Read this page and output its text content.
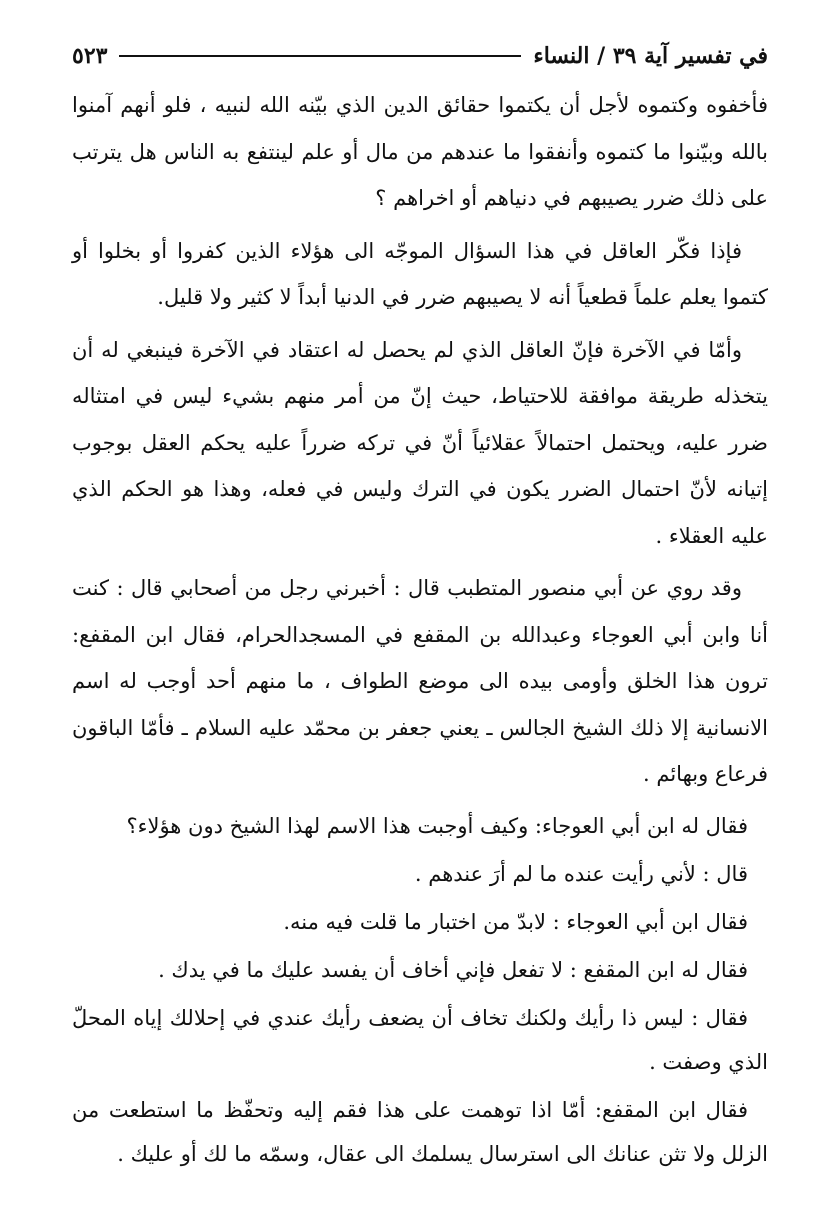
في تفسير آية ٣٩ / النساء
٥٢٣

فأخفوه وكتموه لأجل أن يكتموا حقائق الدين الذي بيّنه الله لنبيه ، فلو أنهم آمنوا بالله وبيّنوا ما كتموه وأنفقوا ما عندهم من مال أو علم لينتفع به الناس هل يترتب على ذلك ضرر يصيبهم في دنياهم أو اخراهم ؟

فإذا فكّر العاقل في هذا السؤال الموجّه الى هؤلاء الذين كفروا أو بخلوا أو كتموا يعلم علماً قطعياً أنه لا يصيبهم ضرر في الدنيا أبداً لا كثير ولا قليل.

وأمّا في الآخرة فإنّ العاقل الذي لم يحصل له اعتقاد في الآخرة فينبغي له أن يتخذله طريقة موافقة للاحتياط، حيث إنّ من أمر منهم بشيء ليس في امتثاله ضرر عليه، ويحتمل احتمالاً عقلائياً أنّ في تركه ضرراً عليه يحكم العقل بوجوب إتيانه لأنّ احتمال الضرر يكون في الترك وليس في فعله، وهذا هو الحكم الذي عليه العقلاء .

وقد روي عن أبي منصور المتطبب قال : أخبرني رجل من أصحابي قال : كنت أنا وابن أبي العوجاء وعبدالله بن المقفع في المسجدالحرام، فقال ابن المقفع: ترون هذا الخلق وأومى بيده الى موضع الطواف ، ما منهم أحد أوجب له اسم الانسانية إلا ذلك الشيخ الجالس ـ يعني جعفر بن محمّد عليه السلام ـ فأمّا الباقون فرعاع وبهائم .

فقال له ابن أبي العوجاء: وكيف أوجبت هذا الاسم لهذا الشيخ دون هؤلاء؟

قال : لأني رأيت عنده ما لم أرَ عندهم .

فقال ابن أبي العوجاء : لابدّ من اختبار ما قلت فيه منه.

فقال له ابن المقفع : لا تفعل فإني أخاف أن يفسد عليك ما في يدك .

فقال : ليس ذا رأيك ولكنك تخاف أن يضعف رأيك عندي في إحلالك إياه المحلّ الذي وصفت .

فقال ابن المقفع: أمّا اذا توهمت على هذا فقم إليه وتحفّظ ما استطعت من الزلل ولا تثن عنانك الى استرسال يسلمك الى عقال، وسمّه ما لك أو عليك .
